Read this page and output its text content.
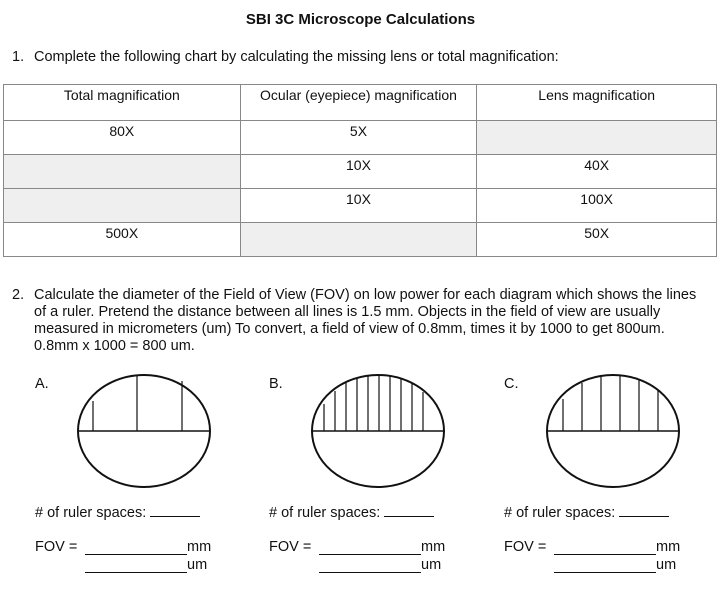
SBI 3C Microscope Calculations
1. Complete the following chart by calculating the missing lens or total magnification:
Total magnification	Ocular (eyepiece) magnification	Lens magnification
80X	5X	
	10X	40X
	10X	100X
500X		50X
2. Calculate the diameter of the Field of View (FOV) on low power for each diagram which shows the lines of a ruler. Pretend the distance between all lines is 1.5 mm. Objects in the field of view are usually measured in micrometers (um) To convert, a field of view of 0.8mm, times it by 1000 to get 800um. 0.8mm x 1000 = 800 um.
A.
# of ruler spaces:
FOV =	mm
um
B.
# of ruler spaces:
FOV =	mm
um
C.
# of ruler spaces:
FOV =	mm
um
